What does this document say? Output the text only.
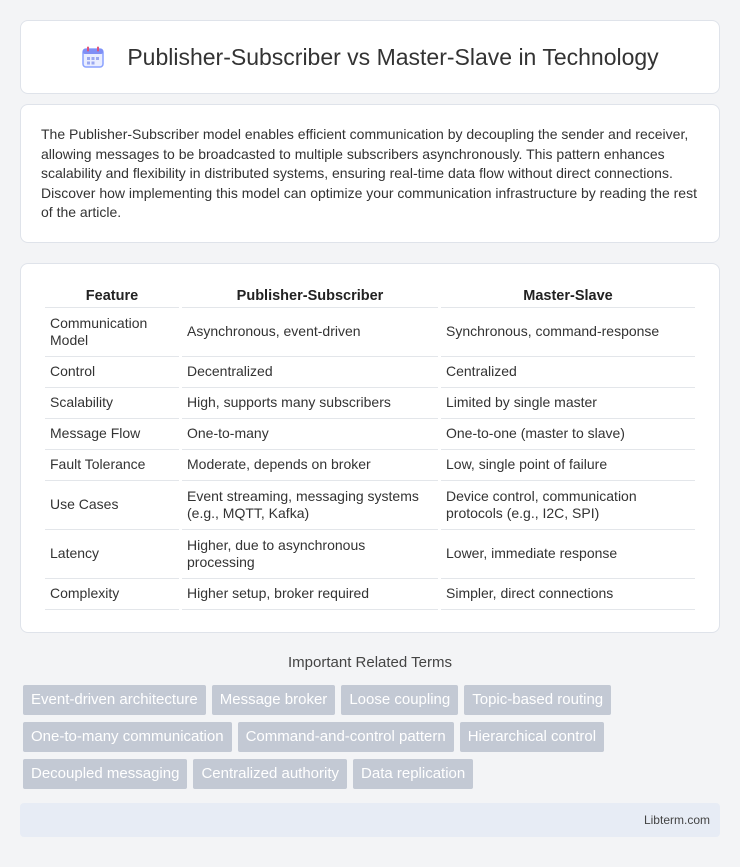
Publisher-Subscriber vs Master-Slave in Technology

The Publisher-Subscriber model enables efficient communication by decoupling the sender and receiver, allowing messages to be broadcasted to multiple subscribers asynchronously. This pattern enhances scalability and flexibility in distributed systems, ensuring real-time data flow without direct connections. Discover how implementing this model can optimize your communication infrastructure by reading the rest of the article.

Feature	Publisher-Subscriber	Master-Slave
Communication Model	Asynchronous, event-driven	Synchronous, command-response
Control	Decentralized	Centralized
Scalability	High, supports many subscribers	Limited by single master
Message Flow	One-to-many	One-to-one (master to slave)
Fault Tolerance	Moderate, depends on broker	Low, single point of failure
Use Cases	Event streaming, messaging systems (e.g., MQTT, Kafka)	Device control, communication protocols (e.g., I2C, SPI)
Latency	Higher, due to asynchronous processing	Lower, immediate response
Complexity	Higher setup, broker required	Simpler, direct connections
Important Related Terms
Event-driven architecture	Message broker	Loose coupling	Topic-based routing
One-to-many communication	Command-and-control pattern	Hierarchical control
Decoupled messaging	Centralized authority	Data replication
Libterm.com
